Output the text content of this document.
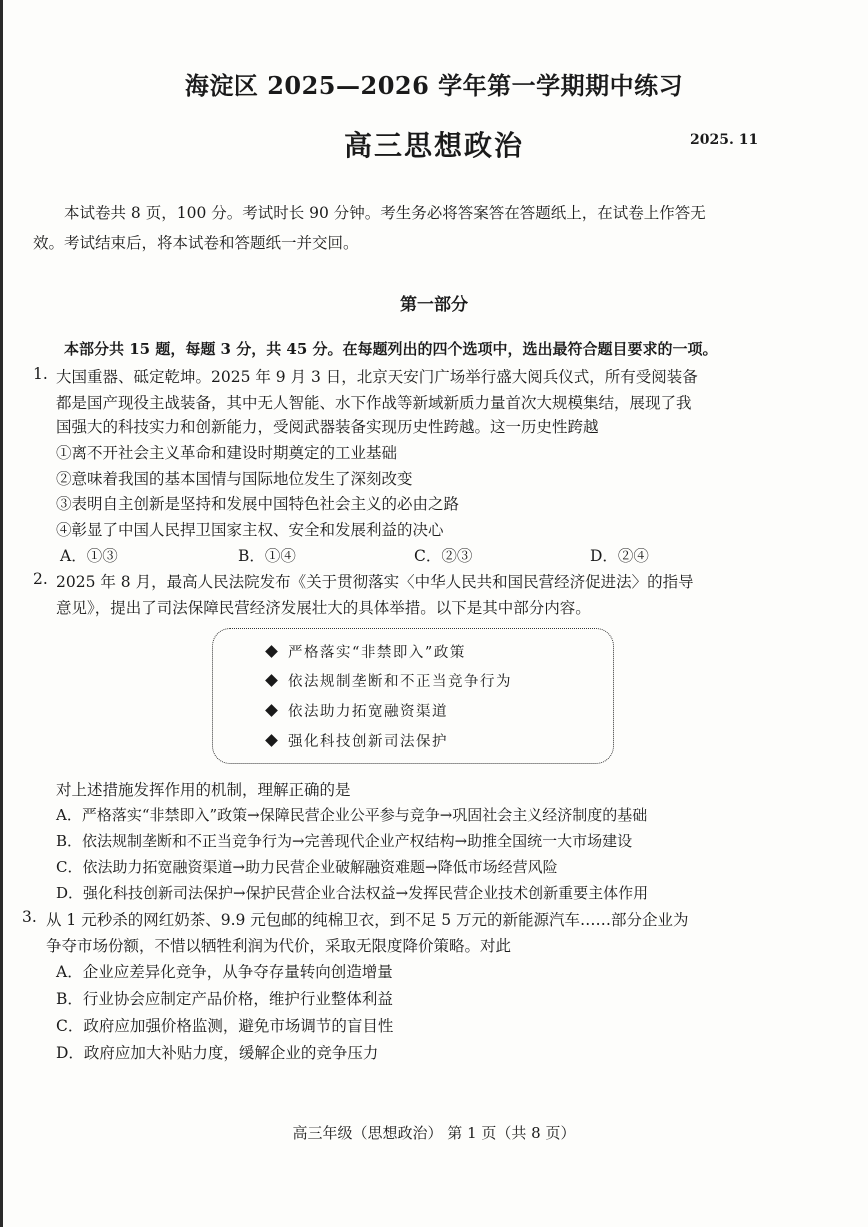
海淀区 2025—2026 学年第一学期期中练习
高三思想政治	2025. 11
本试卷共 8 页，100 分。考试时长 90 分钟。考生务必将答案答在答题纸上，在试卷上作答无
效。考试结束后，将本试卷和答题纸一并交回。
第一部分
本部分共 15 题，每题 3 分，共 45 分。在每题列出的四个选项中，选出最符合题目要求的一项。
1. 大国重器、砥定乾坤。2025 年 9 月 3 日，北京天安门广场举行盛大阅兵仪式，所有受阅装备
都是国产现役主战装备，其中无人智能、水下作战等新域新质力量首次大规模集结，展现了我
国强大的科技实力和创新能力，受阅武器装备实现历史性跨越。这一历史性跨越
①离不开社会主义革命和建设时期奠定的工业基础
②意味着我国的基本国情与国际地位发生了深刻改变
③表明自主创新是坚持和发展中国特色社会主义的必由之路
④彰显了中国人民捍卫国家主权、安全和发展利益的决心
A．①③	B．①④	C．②③	D．②④
2. 2025 年 8 月，最高人民法院发布《关于贯彻落实〈中华人民共和国民营经济促进法〉的指导
意见》，提出了司法保障民营经济发展壮大的具体举措。以下是其中部分内容。
严格落实“非禁即入”政策
依法规制垄断和不正当竞争行为
依法助力拓宽融资渠道
强化科技创新司法保护
对上述措施发挥作用的机制，理解正确的是
A．严格落实“非禁即入”政策→保障民营企业公平参与竞争→巩固社会主义经济制度的基础
B．依法规制垄断和不正当竞争行为→完善现代企业产权结构→助推全国统一大市场建设
C．依法助力拓宽融资渠道→助力民营企业破解融资难题→降低市场经营风险
D．强化科技创新司法保护→保护民营企业合法权益→发挥民营企业技术创新重要主体作用
3. 从 1 元秒杀的网红奶茶、9.9 元包邮的纯棉卫衣，到不足 5 万元的新能源汽车……部分企业为
争夺市场份额，不惜以牺牲利润为代价，采取无限度降价策略。对此
A．企业应差异化竞争，从争夺存量转向创造增量
B．行业协会应制定产品价格，维护行业整体利益
C．政府应加强价格监测，避免市场调节的盲目性
D．政府应加大补贴力度，缓解企业的竞争压力
高三年级（思想政治） 第 1 页（共 8 页）
